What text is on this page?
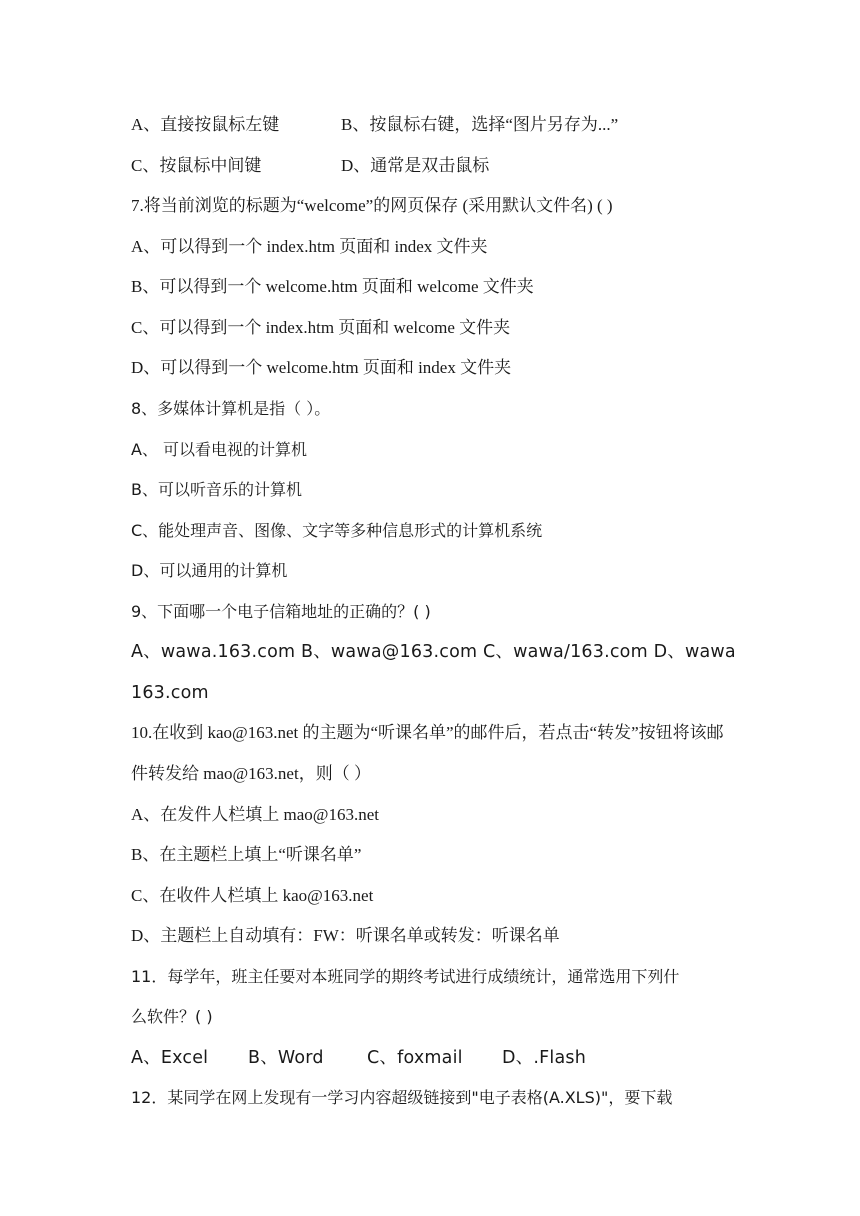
A、直接按鼠标左键	B、按鼠标右键，选择“图片另存为...”
C、按鼠标中间键	D、通常是双击鼠标
7.将当前浏览的标题为“welcome”的网页保存 (采用默认文件名) ( )
A、可以得到一个 index.htm 页面和 index 文件夹
B、可以得到一个 welcome.htm 页面和 welcome 文件夹
C、可以得到一个 index.htm 页面和 welcome 文件夹
D、可以得到一个 welcome.htm 页面和 index 文件夹
8、多媒体计算机是指（ ）。
A、 可以看电视的计算机
B、可以听音乐的计算机
C、能处理声音、图像、文字等多种信息形式的计算机系统
D、可以通用的计算机
9、下面哪一个电子信箱地址的正确的？( )
A、wawa.163.com B、wawa@163.com C、wawa/163.com D、wawa
163.com
10.在收到 kao@163.net 的主题为“听课名单”的邮件后，若点击“转发”按钮将该邮
件转发给 mao@163.net，则（ ）
A、在发件人栏填上 mao@163.net
B、在主题栏上填上“听课名单”
C、在收件人栏填上 kao@163.net
D、主题栏上自动填有：FW：听课名单或转发：听课名单
11．每学年，班主任要对本班同学的期终考试进行成绩统计，通常选用下列什
么软件？( )
A、Excel B、Word C、foxmail D、.Flash
12．某同学在网上发现有一学习内容超级链接到"电子表格(A.XLS)"，要下载
